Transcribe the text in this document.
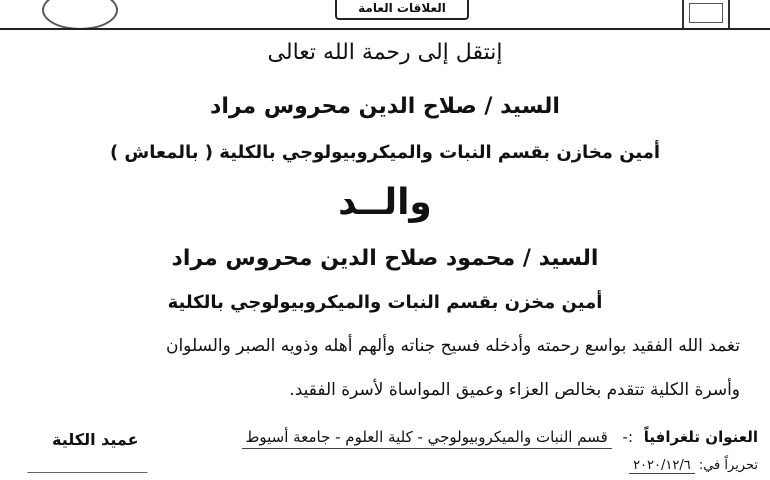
العلاقات العامة
إنتقل إلى رحمة الله تعالى
السيد / صلاح الدين محروس مراد
أمين مخازن بقسم النبات والميكروبيولوجي بالكلية ( بالمعاش )
والــد
السيد / محمود صلاح الدين محروس مراد
أمين مخزن بقسم النبات والميكروبيولوجي بالكلية
تغمد الله الفقيد بواسع رحمته وأدخله فسيح جناته وألهم أهله وذويه الصبر والسلوان
وأسرة الكلية تتقدم بخالص العزاء وعميق المواساة لأسرة الفقيد.
عميد الكلية	العنوان تلغرافياً :- قسم النبات والميكروبيولوجي - كلية العلوم - جامعة أسيوط
تحريراً في: ٢٠٢٠/١٢/٦
